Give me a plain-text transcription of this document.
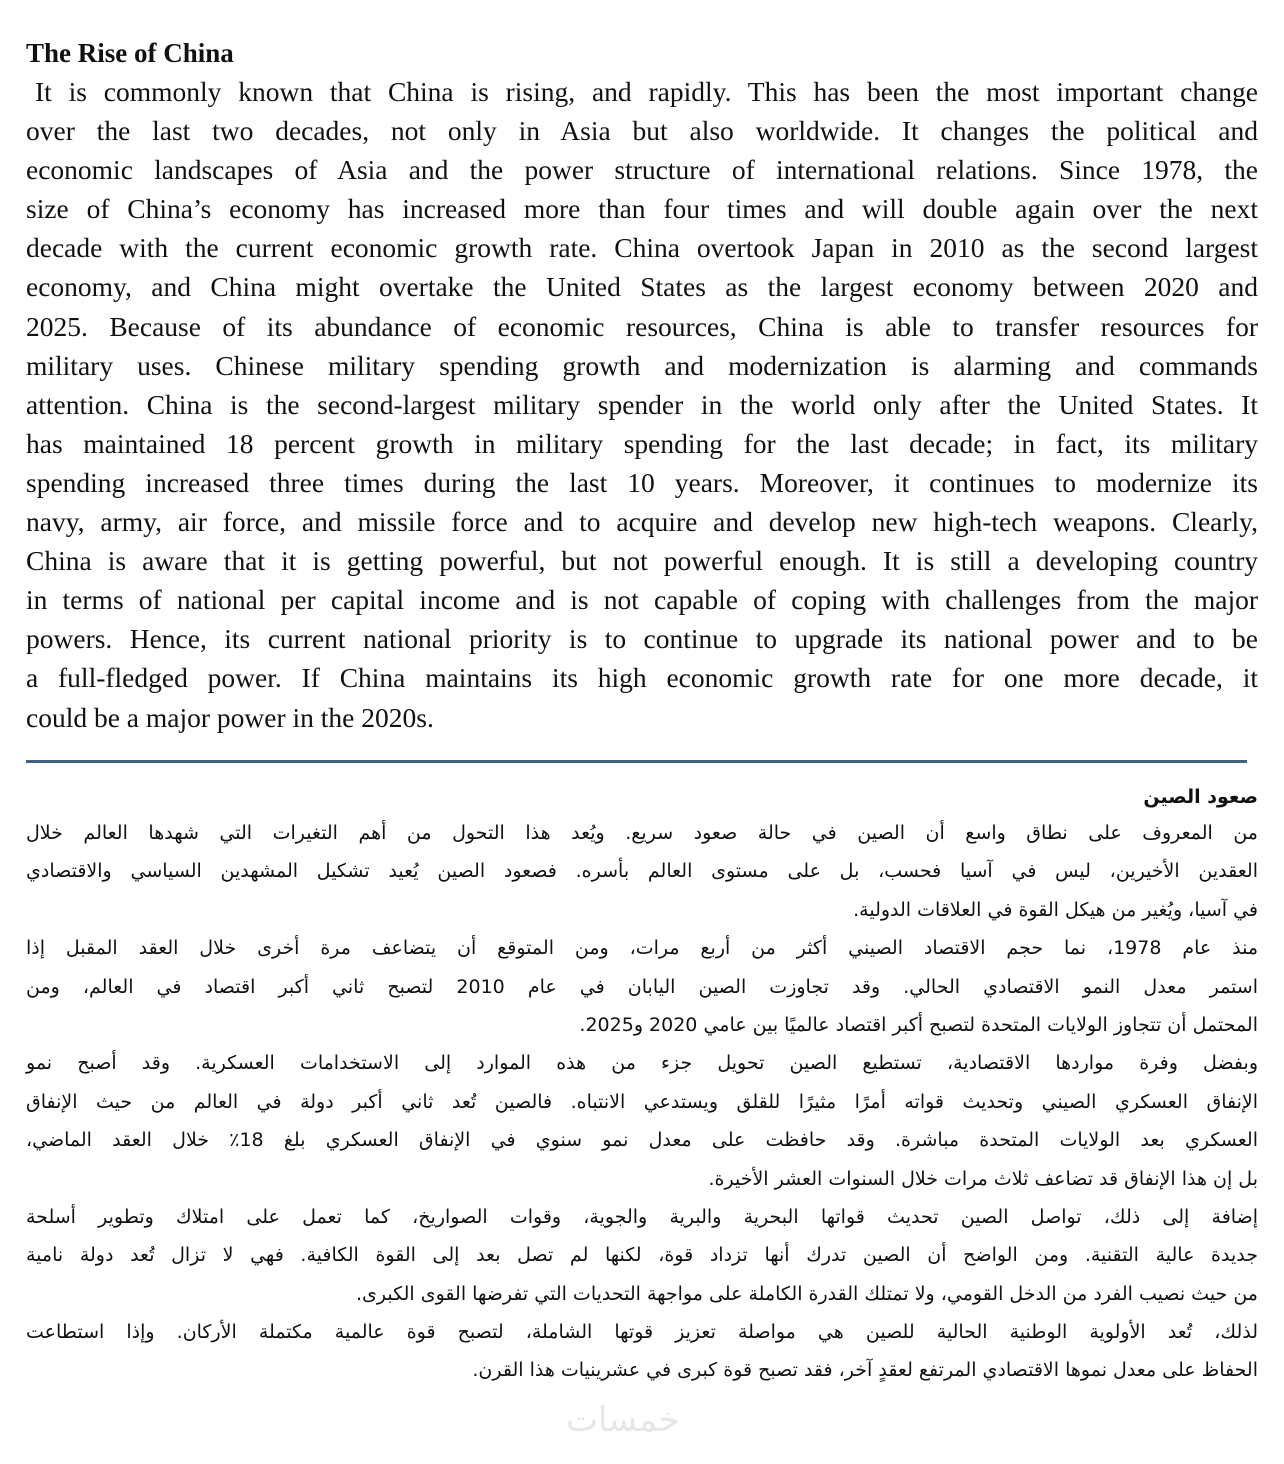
The Rise of China
It is commonly known that China is rising, and rapidly. This has been the most important change
over the last two decades, not only in Asia but also worldwide. It changes the political and
economic landscapes of Asia and the power structure of international relations. Since 1978, the
size of China’s economy has increased more than four times and will double again over the next
decade with the current economic growth rate. China overtook Japan in 2010 as the second largest
economy, and China might overtake the United States as the largest economy between 2020 and
2025. Because of its abundance of economic resources, China is able to transfer resources for
military uses. Chinese military spending growth and modernization is alarming and commands
attention. China is the second-largest military spender in the world only after the United States. It
has maintained 18 percent growth in military spending for the last decade; in fact, its military
spending increased three times during the last 10 years. Moreover, it continues to modernize its
navy, army, air force, and missile force and to acquire and develop new high-tech weapons. Clearly,
China is aware that it is getting powerful, but not powerful enough. It is still a developing country
in terms of national per capital income and is not capable of coping with challenges from the major
powers. Hence, its current national priority is to continue to upgrade its national power and to be
a full-fledged power. If China maintains its high economic growth rate for one more decade, it
could be a major power in the 2020s.
صعود الصين
من المعروف على نطاق واسع أن الصين في حالة صعود سريع. ويُعد هذا التحول من أهم التغيرات التي شهدها العالم خلال
العقدين الأخيرين، ليس في آسيا فحسب، بل على مستوى العالم بأسره. فصعود الصين يُعيد تشكيل المشهدين السياسي والاقتصادي
في آسيا، ويُغير من هيكل القوة في العلاقات الدولية.
منذ عام 1978، نما حجم الاقتصاد الصيني أكثر من أربع مرات، ومن المتوقع أن يتضاعف مرة أخرى خلال العقد المقبل إذا
استمر معدل النمو الاقتصادي الحالي. وقد تجاوزت الصين اليابان في عام 2010 لتصبح ثاني أكبر اقتصاد في العالم، ومن
المحتمل أن تتجاوز الولايات المتحدة لتصبح أكبر اقتصاد عالميًا بين عامي 2020 و2025.
وبفضل وفرة مواردها الاقتصادية، تستطيع الصين تحويل جزء من هذه الموارد إلى الاستخدامات العسكرية. وقد أصبح نمو
الإنفاق العسكري الصيني وتحديث قواته أمرًا مثيرًا للقلق ويستدعي الانتباه. فالصين تُعد ثاني أكبر دولة في العالم من حيث الإنفاق
العسكري بعد الولايات المتحدة مباشرة. وقد حافظت على معدل نمو سنوي في الإنفاق العسكري بلغ 18٪ خلال العقد الماضي،
بل إن هذا الإنفاق قد تضاعف ثلاث مرات خلال السنوات العشر الأخيرة.
إضافة إلى ذلك، تواصل الصين تحديث قواتها البحرية والبرية والجوية، وقوات الصواريخ، كما تعمل على امتلاك وتطوير أسلحة
جديدة عالية التقنية. ومن الواضح أن الصين تدرك أنها تزداد قوة، لكنها لم تصل بعد إلى القوة الكافية. فهي لا تزال تُعد دولة نامية
من حيث نصيب الفرد من الدخل القومي، ولا تمتلك القدرة الكاملة على مواجهة التحديات التي تفرضها القوى الكبرى.
لذلك، تُعد الأولوية الوطنية الحالية للصين هي مواصلة تعزيز قوتها الشاملة، لتصبح قوة عالمية مكتملة الأركان. وإذا استطاعت
الحفاظ على معدل نموها الاقتصادي المرتفع لعقدٍ آخر، فقد تصبح قوة كبرى في عشرينيات هذا القرن.
خمسات
